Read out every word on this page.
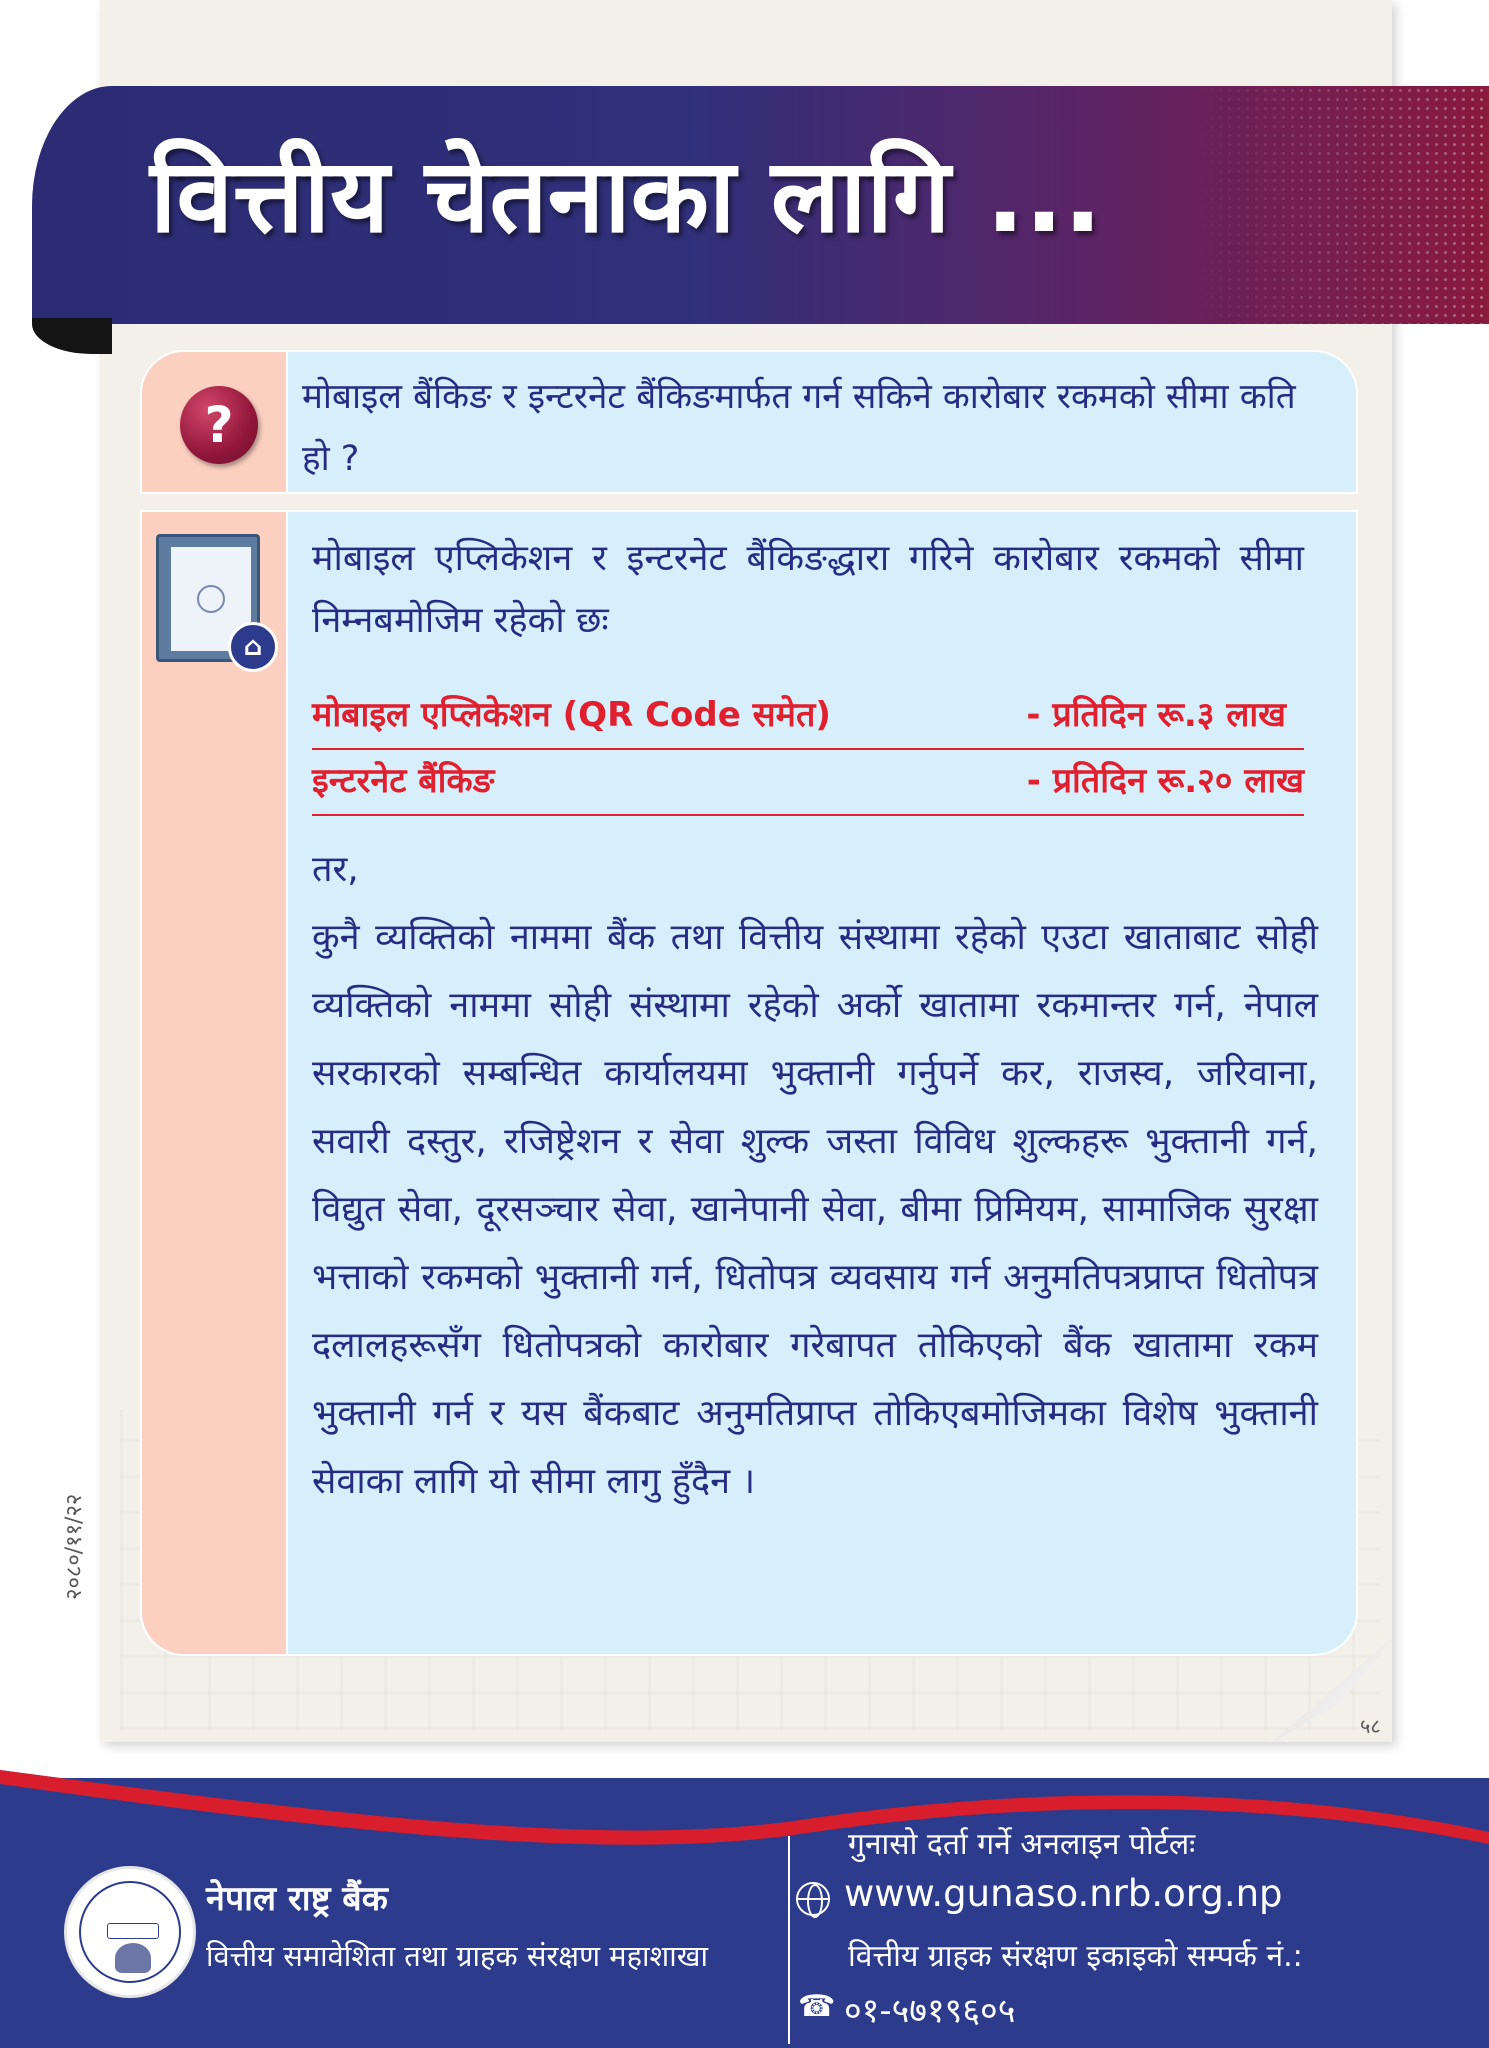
वित्तीय चेतनाका लागि ...
?	मोबाइल बैंकिङ र इन्टरनेट बैंकिङमार्फत गर्न सकिने कारोबार रकमको सीमा कति हो ?
⌂
मोबाइल एप्लिकेशन र इन्टरनेट बैंकिङद्धारा गरिने कारोबार रकमको सीमा निम्नबमोजिम रहेको छः
मोबाइल एप्लिकेशन (QR Code समेत)	- प्रतिदिन रू.३ लाख
इन्टरनेट बैंकिङ	- प्रतिदिन रू.२० लाख
तर,
कुनै व्यक्तिको नाममा बैंक तथा वित्तीय संस्थामा रहेको एउटा खाताबाट सोही व्यक्तिको नाममा सोही संस्थामा रहेको अर्को खातामा रकमान्तर गर्न, नेपाल सरकारको सम्बन्धित कार्यालयमा भुक्तानी गर्नुपर्ने कर, राजस्व, जरिवाना, सवारी दस्तुर, रजिष्ट्रेशन र सेवा शुल्क जस्ता विविध शुल्कहरू भुक्तानी गर्न, विद्युत सेवा, दूरसञ्चार सेवा, खानेपानी सेवा, बीमा प्रिमियम, सामाजिक सुरक्षा भत्ताको रकमको भुक्तानी गर्न, धितोपत्र व्यवसाय गर्न अनुमतिपत्रप्राप्त धितोपत्र दलालहरूसँग धितोपत्रको कारोबार गरेबापत तोकिएको बैंक खातामा रकम भुक्तानी गर्न र यस बैंकबाट अनुमतिप्राप्त तोकिएबमोजिमका विशेष भुक्तानी सेवाका लागि यो सीमा लागु हुँदैन ।
२०८०/११/२२
५८
नेपाल राष्ट्र बैंक
वित्तीय समावेशिता तथा ग्राहक संरक्षण महाशाखा
गुनासो दर्ता गर्ने अनलाइन पोर्टलः
www.gunaso.nrb.org.np
वित्तीय ग्राहक संरक्षण इकाइको सम्पर्क नं.:
☎ ०१-५७१९६०५
